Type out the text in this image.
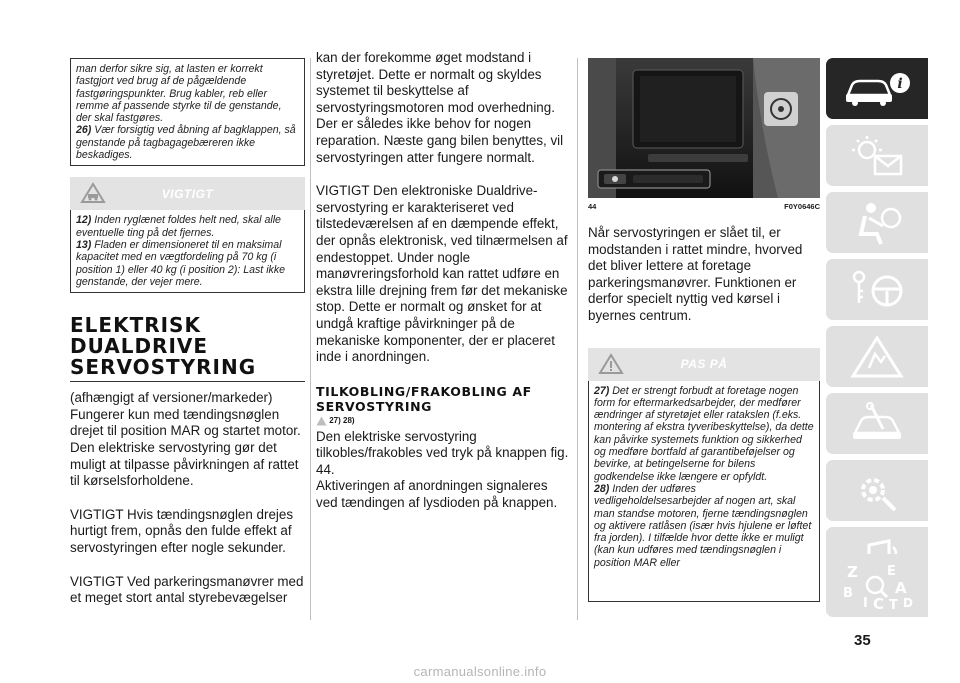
man derfor sikre sig, at lasten er korrekt fastgjort ved brug af de pågældende fastgøringspunkter. Brug kabler, reb eller remme af passende styrke til de genstande, der skal fastgøres.

26) Vær forsigtig ved åbning af bagklappen, så genstande på tagbagagebæreren ikke beskadiges.

VIGTIGT

12) Inden ryglænet foldes helt ned, skal alle eventuelle ting på det fjernes.

13) Fladen er dimensioneret til en maksimal kapacitet med en vægtfordeling på 70 kg (i position 1) eller 40 kg (i position 2): Last ikke genstande, der vejer mere.

ELEKTRISK DUALDRIVE SERVOSTYRING

(afhængigt af versioner/markeder) Fungerer kun med tændingsnøglen drejet til position MAR og startet motor. Den elektriske servostyring gør det muligt at tilpasse påvirkningen af rattet til kørselsforholdene.

VIGTIGT Hvis tændingsnøglen drejes hurtigt frem, opnås den fulde effekt af servostyringen efter nogle sekunder.

VIGTIGT Ved parkeringsmanøvrer med et meget stort antal styrebevægelser

kan der forekomme øget modstand i styretøjet. Dette er normalt og skyldes systemet til beskyttelse af servostyringsmotoren mod overhedning. Der er således ikke behov for nogen reparation. Næste gang bilen benyttes, vil servostyringen atter fungere normalt.

VIGTIGT Den elektroniske Dualdrive-servostyring er karakteriseret ved tilstedeværelsen af en dæmpende effekt, der opnås elektronisk, ved tilnærmelsen af endestoppet. Under nogle manøvreringsforhold kan rattet udføre en ekstra lille drejning frem før det mekaniske stop. Dette er normalt og ønsket for at undgå kraftige påvirkninger på de mekaniske komponenter, der er placeret inde i anordningen.

TILKOBLING/FRAKOBLING AF SERVOSTYRING
27) 28)

Den elektriske servostyring tilkobles/frakobles ved tryk på knappen fig. 44.

Aktiveringen af anordningen signaleres ved tændingen af lysdioden på knappen.

44	F0Y0646C

Når servostyringen er slået til, er modstanden i rattet mindre, hvorved det bliver lettere at foretage parkeringsmanøvrer. Funktionen er derfor specielt nyttig ved kørsel i byernes centrum.

PAS PÅ

27) Det er strengt forbudt at foretage nogen form for eftermarkedsarbejder, der medfører ændringer af styretøjet eller ratakslen (f.eks. montering af ekstra tyveribeskyttelse), da dette kan påvirke systemets funktion og sikkerhed og medføre bortfald af garantibeføjelser og bevirke, at betingelserne for bilens godkendelse ikke længere er opfyldt.

28) Inden der udføres vedligeholdelsesarbejder af nogen art, skal man standse motoren, fjerne tændingsnøglen og aktivere ratlåsen (især hvis hjulene er løftet fra jorden). I tilfælde hvor dette ikke er muligt (kan kun udføres med tændingsnøglen i position MAR eller

i
Z E
B	A
I C T D
35
carmanualsonline.info
